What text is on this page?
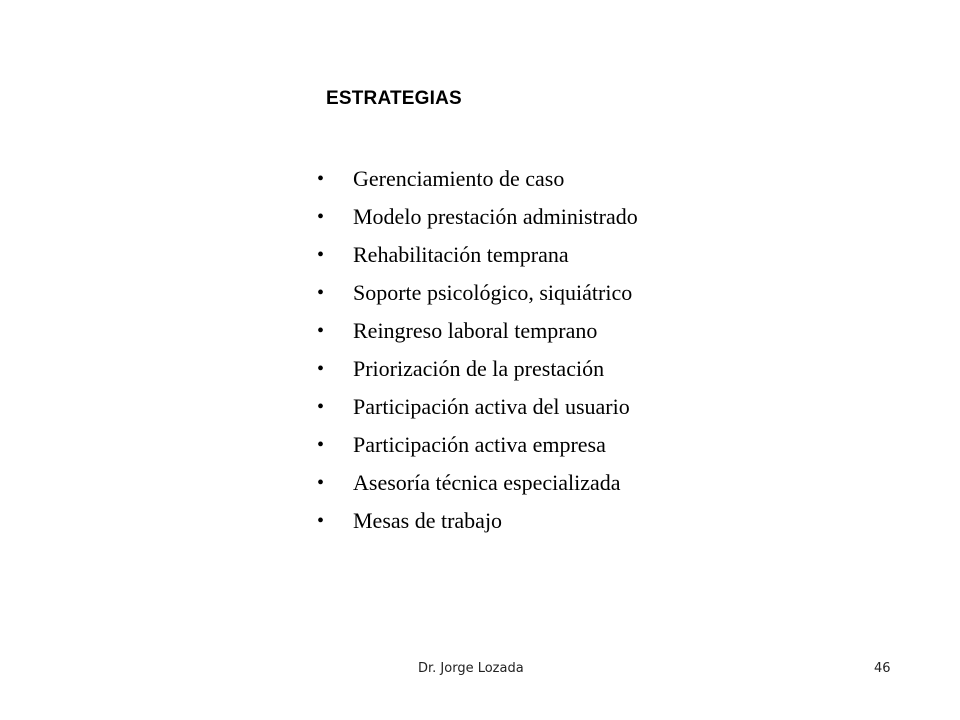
ESTRATEGIAS
•	Gerenciamiento de caso
•	Modelo prestación administrado
•	Rehabilitación temprana
•	Soporte psicológico, siquiátrico
•	Reingreso laboral temprano
•	Priorización de la prestación
•	Participación activa del usuario
•	Participación activa empresa
•	Asesoría técnica especializada
•	Mesas de trabajo
Dr. Jorge Lozada	46
